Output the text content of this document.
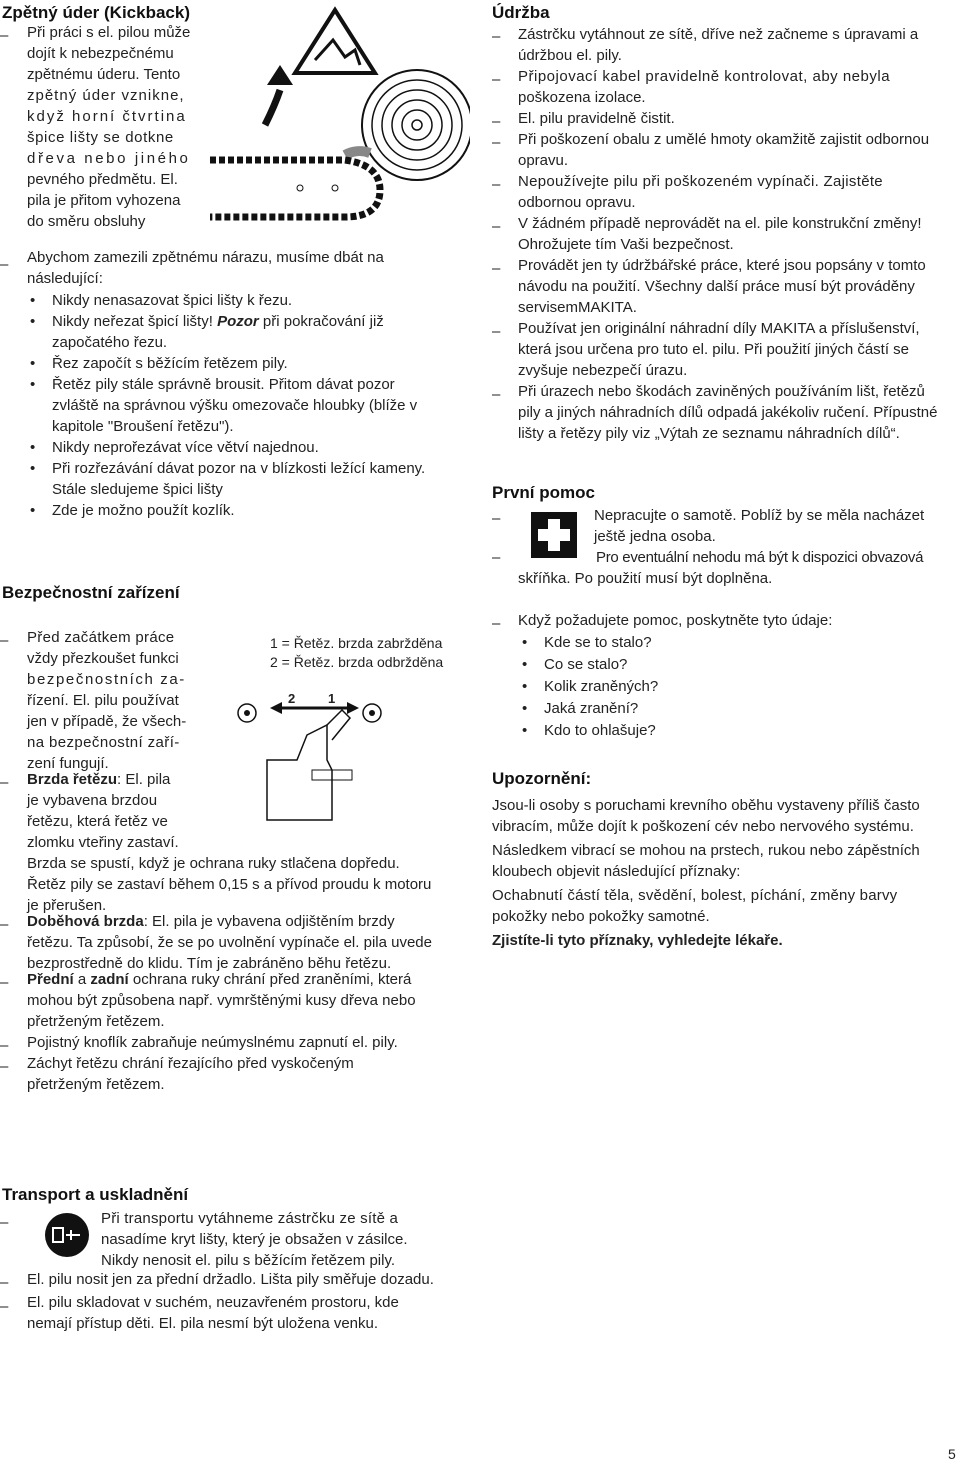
Zpětný úder (Kickback)
– Při práci s el. pilou může
dojít k nebezpečnému
zpětnému úderu. Tento
zpětný úder vznikne,
když horní čtvrtina
špice lišty se dotkne
dřeva nebo jiného
pevného předmětu. El.
pila je přitom vyhozena
do směru obsluhy
– Abychom zamezili zpětnému nárazu, musíme dbát na
následující:
• Nikdy nenasazovat špici lišty k řezu.
• Nikdy neřezat špicí lišty! Pozor při pokračování již
započatého řezu.
• Řez započít s běžícím řetězem pily.
• Řetěz pily stále správně brousit. Přitom dávat pozor
zvláště na správnou výšku omezovače hloubky (blíže v
kapitole "Broušení řetězu").
• Nikdy neprořezávat více větví najednou.
• Při rozřezávání dávat pozor na v blízkosti ležící kameny.
Stále sledujeme špici lišty
• Zde je možno použít kozlík.
Bezpečnostní zařízení
– Před začátkem práce
vždy přezkoušet funkci
bezpečnostních za-
řízení. El. pilu používat
jen v případě, že všech-
na bezpečnostní zaří-
zení fungují.
– Brzda řetězu: El. pila
je vybavena brzdou
řetězu, která řetěz ve
zlomku vteřiny zastaví.
Brzda se spustí, když je ochrana ruky stlačena dopředu.
Řetěz pily se zastaví během 0,15 s a přívod proudu k motoru
je přerušen.
– Doběhová brzda: El. pila je vybavena odjištěním brzdy
řetězu. Ta způsobí, že se po uvolnění vypínače el. pila uvede
bezprostředně do klidu. Tím je zabráněno běhu řetězu.
– Přední a zadní ochrana ruky chrání před zraněními, která
mohou být způsobena např. vymrštěnými kusy dřeva nebo
přetrženým řetězem.
– Pojistný knoflík zabraňuje neúmyslnému zapnutí el. pily.
– Záchyt řetězu chrání řezajícího před vyskočeným
přetrženým řetězem.
1 = Řetěz. brzda zabržděna
2 = Řetěz. brzda odbržděna
2	1
Transport a uskladnění
–	Při transportu vytáhneme zástrčku ze sítě a
nasadíme kryt lišty, který je obsažen v zásilce.
Nikdy nenosit el. pilu s běžícím řetězem pily.
– El. pilu nosit jen za přední držadlo. Lišta pily směřuje dozadu.
– El. pilu skladovat v suchém, neuzavřeném prostoru, kde
nemají přístup děti. El. pila nesmí být uložena venku.
Údržba
– Zástrčku vytáhnout ze sítě, dříve než začneme s úpravami a
údržbou el. pily.
– Připojovací kabel pravidelně kontrolovat, aby nebyla
poškozena izolace.
– El. pilu pravidelně čistit.
– Při poškození obalu z umělé hmoty okamžitě zajistit odbornou
opravu.
– Nepoužívejte pilu při poškozeném vypínači. Zajistěte
odbornou opravu.
– V žádném případě neprovádět na el. pile konstrukční změny!
Ohrožujete tím Vaši bezpečnost.
– Provádět jen ty údržbářské práce, které jsou popsány v tomto
návodu na použití. Všechny další práce musí být prováděny
servisemMAKITA.
– Používat jen originální náhradní díly MAKITA a příslušenství,
která jsou určena pro tuto el. pilu. Při použití jiných částí se
zvyšuje nebezpečí úrazu.
– Při úrazech nebo škodách zaviněných používáním lišt, řetězů
pily a jiných náhradních dílů odpadá jakékoliv ručení. Přípustné
lišty a řetězy pily viz „Výtah ze seznamu náhradních dílů“.
První pomoc
–	Nepracujte o samotě. Poblíž by se měla nacházet
ještě jedna osoba.
–	Pro eventuální nehodu má být k dispozici obvazová
skříňka. Po použití musí být doplněna.
– Když požadujete pomoc, poskytněte tyto údaje:
• Kde se to stalo?
• Co se stalo?
• Kolik zraněných?
• Jaká zranění?
• Kdo to ohlašuje?
Upozornění:
Jsou-li osoby s poruchami krevního oběhu vystaveny příliš často
vibracím, může dojít k poškození cév nebo nervového systému.
Následkem vibrací se mohou na prstech, rukou nebo zápěstních
kloubech objevit následující příznaky:
Ochabnutí částí těla, svědění, bolest, píchání, změny barvy
pokožky nebo pokožky samotné.
Zjistíte-li tyto příznaky, vyhledejte lékaře.
5
